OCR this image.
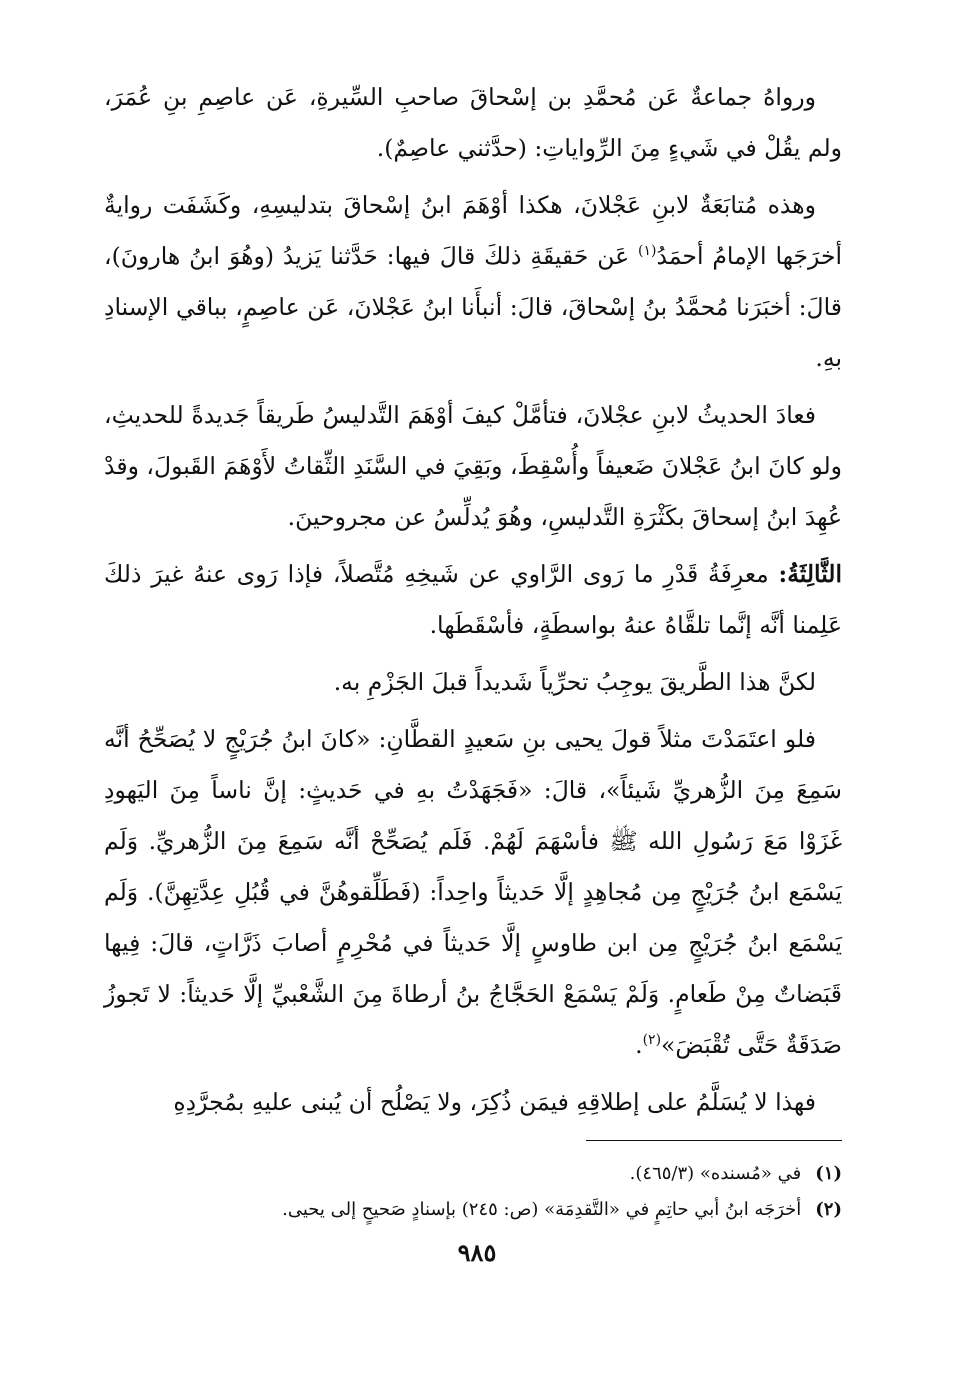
ورواهُ جماعةٌ عَن مُحمَّدِ بن إسْحاقَ صاحبِ السِّيرةِ، عَن عاصِمِ بنِ عُمَرَ، ولم يقُلْ في شَيءٍ مِنَ الرِّواياتِ: (حدَّثني عاصِمٌ).

وهذه مُتابَعَةٌ لابنِ عَجْلانَ، هكذا أوْهَمَ ابنُ إسْحاقَ بتدليسِهِ، وكَشَفَت روايةٌ أخرَجَها الإمامُ أحمَدُ$^{(١)}$ عَن حَقيقَةِ ذلكَ قالَ فيها: حَدَّثنا يَزيدُ (وهُوَ ابنُ هارونَ)، قالَ: أخبَرَنا مُحمَّدُ بنُ إسْحاقَ، قالَ: أنبأَنا ابنُ عَجْلانَ، عَن عاصِمٍ، بباقي الإسنادِ بهِ.

فعادَ الحديثُ لابنِ عجْلانَ، فتأمَّلْ كيفَ أوْهَمَ التَّدليسُ طَريقاً جَديدةً للحديثِ، ولو كانَ ابنُ عَجْلانَ ضَعيفاً وأُسْقِطَ، وبَقِيَ في السَّنَدِ الثِّقاتُ لأَوْهَمَ القَبولَ، وقدْ عُهِدَ ابنُ إسحاقَ بكَثْرَةِ التَّدليسِ، وهُوَ يُدلِّسُ عن مجروحينَ.

الثَّالِثَةُ: معرِفَةُ قَدْرِ ما رَوى الرَّاوي عن شَيخِهِ مُتَّصلاً، فإذا رَوى عنهُ غيرَ ذلكَ عَلِمنا أنَّه إنَّما تلقَّاهُ عنهُ بواسطَةٍ، فأسْقَطَها.

لكنَّ هذا الطَّريقَ يوجِبُ تحرِّياً شَديداً قبلَ الجَزْمِ به.

فلو اعتَمَدْتَ مثلاً قولَ يحيى بنِ سَعيدٍ القطَّانِ: «كانَ ابنُ جُرَيْجٍ لا يُصَحِّحُ أنَّه سَمِعَ مِنَ الزُّهريِّ شَيئاً»، قالَ: «فَجَهَدْتُ بهِ في حَديثٍ: إنَّ ناساً مِنَ اليَهودِ غَزَوْا مَعَ رَسُولِ الله ﷺ فأسْهَمَ لَهُمْ. فَلَم يُصَحِّحْ أنَّه سَمِعَ مِنَ الزُّهريِّ. وَلَم يَسْمَع ابنُ جُرَيْجٍ مِن مُجاهِدٍ إلَّا حَديثاً واحِداً: (فَطَلِّقوهُنَّ في قُبُلِ عِدَّتِهِنَّ). وَلَم يَسْمَع ابنُ جُرَيْجٍ مِن ابن طاوسٍ إلَّا حَديثاً في مُحْرِمٍ أصابَ ذَرَّاتٍ، قالَ: فِيها قَبَضاتٌ مِنْ طَعامٍ. وَلَمْ يَسْمَعْ الحَجَّاجُ بنُ أرطاةَ مِنَ الشَّعْبيِّ إلَّا حَديثاً: لا تَجوزُ صَدَقَةٌ حَتَّى تُقْبَضَ»$^{(٢)}$.

فهذا لا يُسَلَّمُ على إطلاقِهِ فيمَن ذُكِرَ، ولا يَصْلُح أن يُبنى عليهِ بمُجرَّدِهِ

(١)
في «مُسنده» (٤٦٥/٣).

(٢)
أخرَجَه ابنُ أبي حاتِمٍ في «التَّقدِمَة» (ص: ٢٤٥) بإسنادٍ صَحيحٍ إلى يحيى.

٩٨٥
